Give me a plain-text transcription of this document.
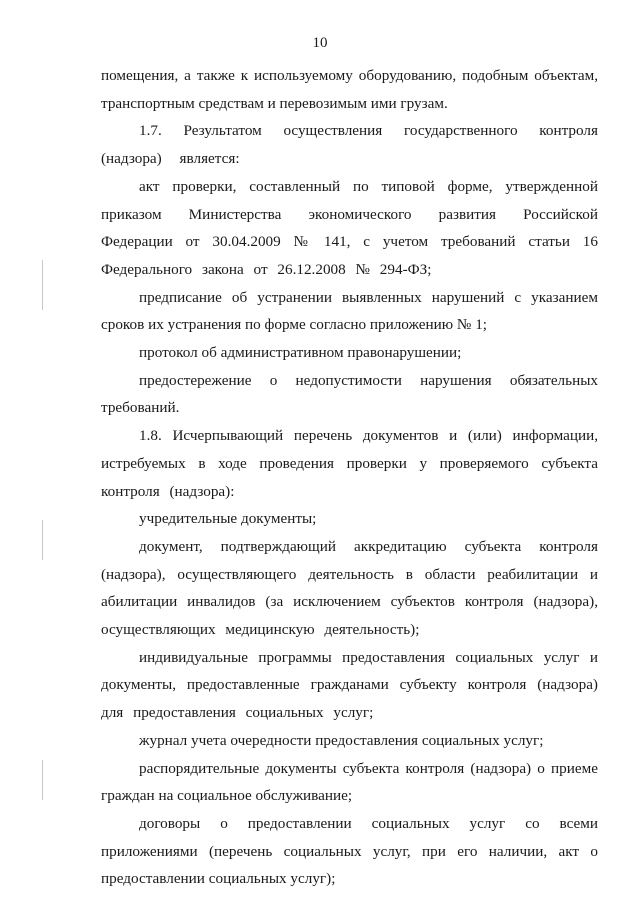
10

помещения, а также к используемому оборудованию, подобным объектам, транспортным средствам и перевозимым ими грузам.

1.7. Результатом осуществления государственного контроля (надзора) является:

акт проверки, составленный по типовой форме, утвержденной приказом Министерства экономического развития Российской Федерации от 30.04.2009 № 141, с учетом требований статьи 16 Федерального закона от 26.12.2008 № 294-ФЗ;

предписание об устранении выявленных нарушений с указанием сроков их устранения по форме согласно приложению № 1;

протокол об административном правонарушении;

предостережение о недопустимости нарушения обязательных требований.

1.8. Исчерпывающий перечень документов и (или) информации, истребуемых в ходе проведения проверки у проверяемого субъекта контроля (надзора):

учредительные документы;

документ, подтверждающий аккредитацию субъекта контроля (надзора), осуществляющего деятельность в области реабилитации и абилитации инвалидов (за исключением субъектов контроля (надзора), осуществляющих медицинскую деятельность);

индивидуальные программы предоставления социальных услуг и документы, предоставленные гражданами субъекту контроля (надзора) для предоставления социальных услуг;

журнал учета очередности предоставления социальных услуг;

распорядительные документы субъекта контроля (надзора) о приеме граждан на социальное обслуживание;

договоры о предоставлении социальных услуг со всеми приложениями (перечень социальных услуг, при его наличии, акт о предоставлении социальных услуг);
